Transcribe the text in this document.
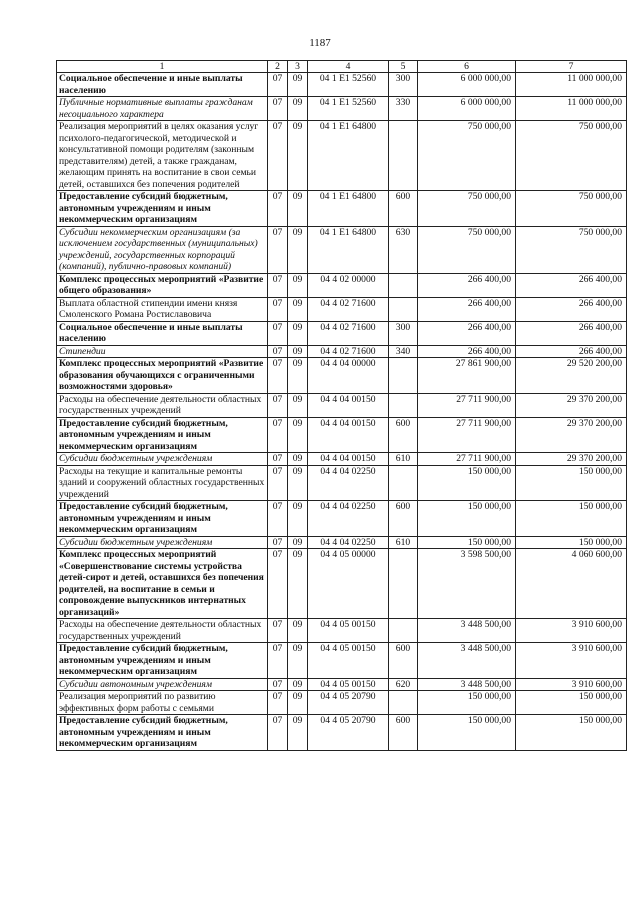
1187
1	2	3	4	5	6	7
Социальное обеспечение и иные выплаты населению	07	09	04 1 E1 52560	300	6 000 000,00	11 000 000,00
Публичные нормативные выплаты гражданам несоциального характера	07	09	04 1 E1 52560	330	6 000 000,00	11 000 000,00
Реализация мероприятий в целях оказания услуг психолого-педагогической, методической и консультативной помощи родителям (законным представителям) детей, а также гражданам, желающим принять на воспитание в свои семьи детей, оставшихся без попечения родителей	07	09	04 1 E1 64800		750 000,00	750 000,00
Предоставление субсидий бюджетным, автономным учреждениям и иным некоммерческим организациям	07	09	04 1 E1 64800	600	750 000,00	750 000,00
Субсидии некоммерческим организациям (за исключением государственных (муниципальных) учреждений, государственных корпораций (компаний), публично-правовых компаний)	07	09	04 1 E1 64800	630	750 000,00	750 000,00
Комплекс процессных мероприятий «Развитие общего образования»	07	09	04 4 02 00000		266 400,00	266 400,00
Выплата областной стипендии имени князя Смоленского Романа Ростиславовича	07	09	04 4 02 71600		266 400,00	266 400,00
Социальное обеспечение и иные выплаты населению	07	09	04 4 02 71600	300	266 400,00	266 400,00
Стипендии	07	09	04 4 02 71600	340	266 400,00	266 400,00
Комплекс процессных мероприятий «Развитие образования обучающихся с ограниченными возможностями здоровья»	07	09	04 4 04 00000		27 861 900,00	29 520 200,00
Расходы на обеспечение деятельности областных государственных учреждений	07	09	04 4 04 00150		27 711 900,00	29 370 200,00
Предоставление субсидий бюджетным, автономным учреждениям и иным некоммерческим организациям	07	09	04 4 04 00150	600	27 711 900,00	29 370 200,00
Субсидии бюджетным учреждениям	07	09	04 4 04 00150	610	27 711 900,00	29 370 200,00
Расходы на текущие и капитальные ремонты зданий и сооружений областных государственных учреждений	07	09	04 4 04 02250		150 000,00	150 000,00
Предоставление субсидий бюджетным, автономным учреждениям и иным некоммерческим организациям	07	09	04 4 04 02250	600	150 000,00	150 000,00
Субсидии бюджетным учреждениям	07	09	04 4 04 02250	610	150 000,00	150 000,00
Комплекс процессных мероприятий «Совершенствование системы устройства детей-сирот и детей, оставшихся без попечения родителей, на воспитание в семьи и сопровождение выпускников интернатных организаций»	07	09	04 4 05 00000		3 598 500,00	4 060 600,00
Расходы на обеспечение деятельности областных государственных учреждений	07	09	04 4 05 00150		3 448 500,00	3 910 600,00
Предоставление субсидий бюджетным, автономным учреждениям и иным некоммерческим организациям	07	09	04 4 05 00150	600	3 448 500,00	3 910 600,00
Субсидии автономным учреждениям	07	09	04 4 05 00150	620	3 448 500,00	3 910 600,00
Реализация мероприятий по развитию эффективных форм работы с семьями	07	09	04 4 05 20790		150 000,00	150 000,00
Предоставление субсидий бюджетным, автономным учреждениям и иным некоммерческим организациям	07	09	04 4 05 20790	600	150 000,00	150 000,00
